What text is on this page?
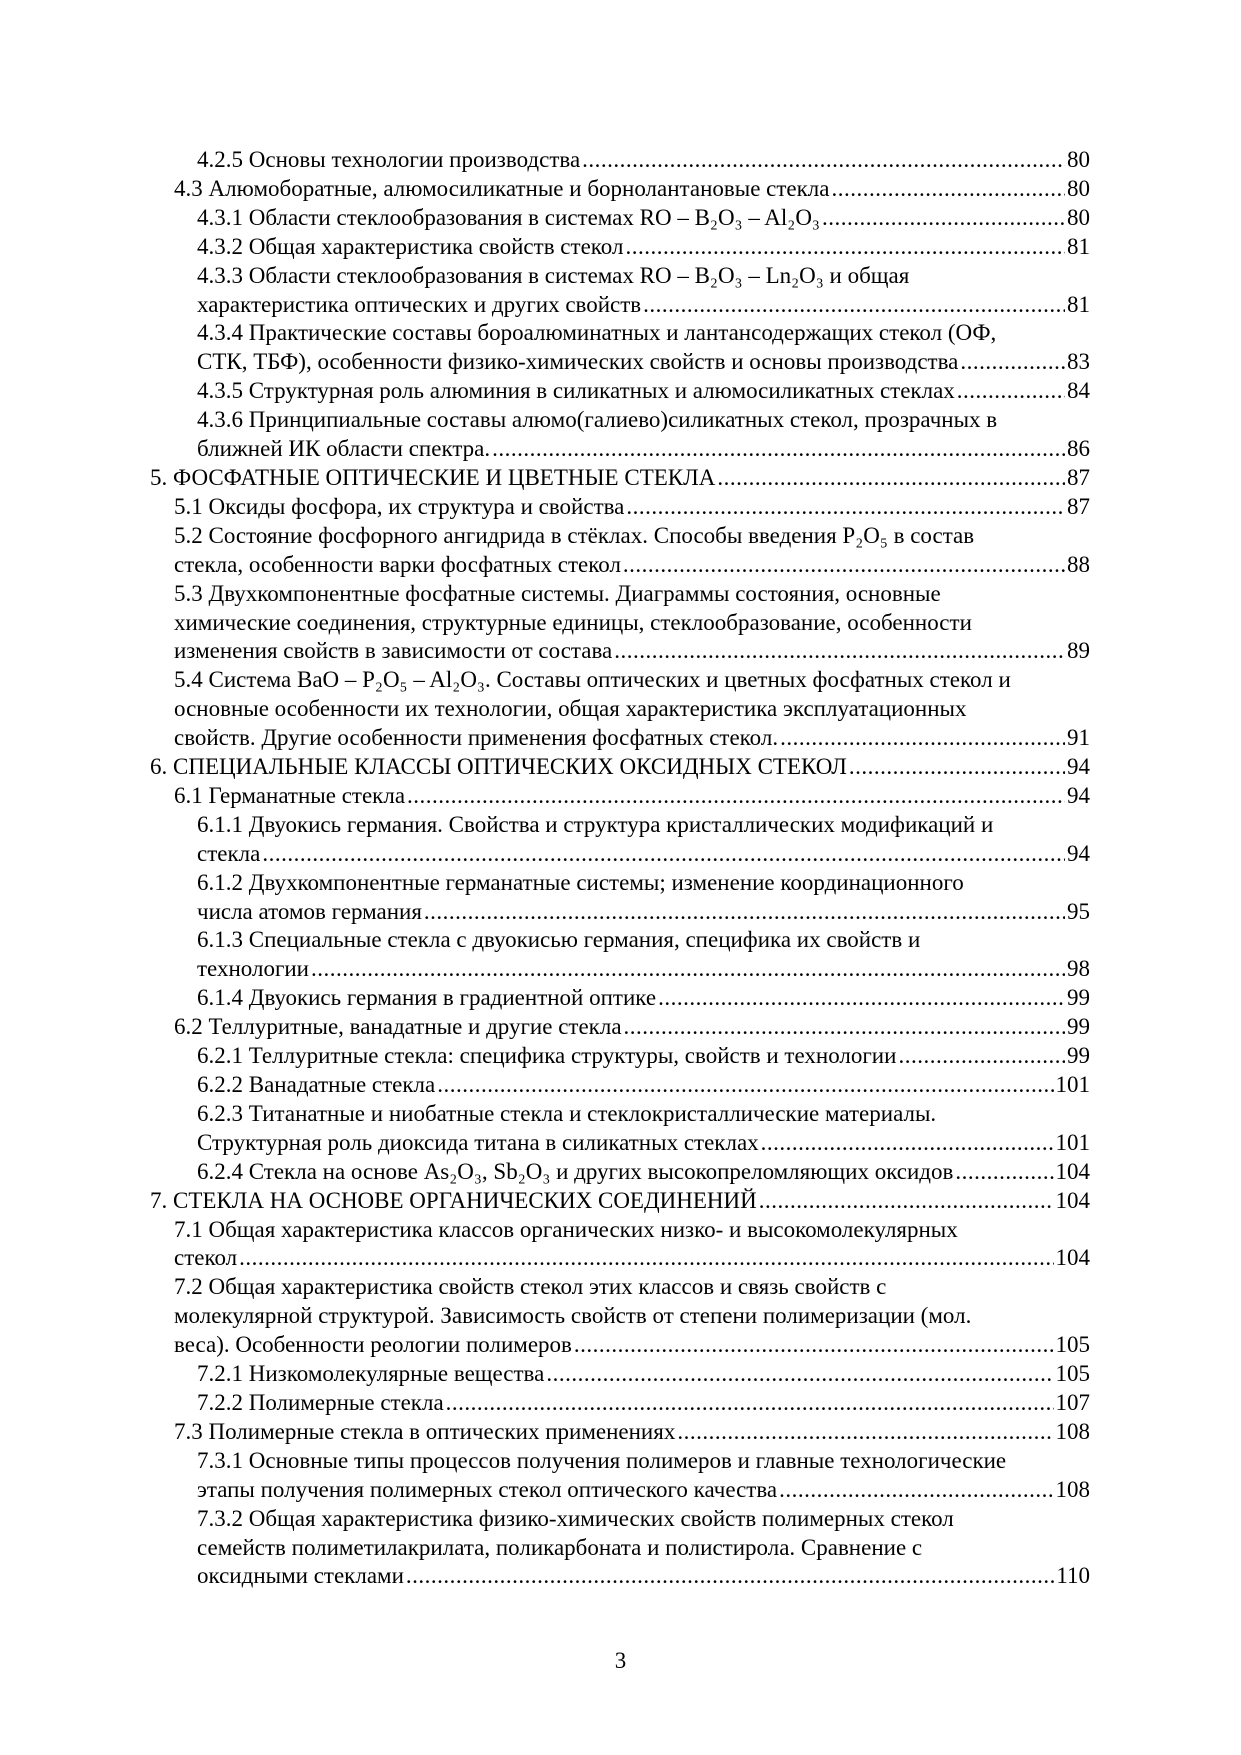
4.2.5 Основы технологии производства .....	80
4.3 Алюмоборатные, алюмосиликатные и борнолантановые стекла .....	80
4.3.1 Области стеклообразования в системах RO – B₂O₃ – Al₂O₃ .....	80
4.3.2 Общая характеристика свойств стекол .....	81
4.3.3 Области стеклообразования в системах RO – B₂O₃ – Ln₂O₃ и общая
характеристика оптических и других свойств .....	81
4.3.4 Практические составы бороалюминатных и лантансодержащих стекол (ОФ,
СТК, ТБФ), особенности физико-химических свойств и основы производства .....	83
4.3.5 Структурная роль алюминия в силикатных и алюмосиликатных стеклах .....	84
4.3.6 Принципиальные составы алюмо(галиево)силикатных стекол, прозрачных в
ближней ИК области спектра. .....	86
5. ФОСФАТНЫЕ ОПТИЧЕСКИЕ И ЦВЕТНЫЕ СТЕКЛА .....	87
5.1 Оксиды фосфора, их структура и свойства .....	87
5.2 Состояние фосфорного ангидрида в стёклах. Способы введения P₂O₅ в состав
стекла, особенности варки фосфатных стекол .....	88
5.3 Двухкомпонентные фосфатные системы. Диаграммы состояния, основные
химические соединения, структурные единицы, стеклообразование, особенности
изменения свойств в зависимости от состава .....	89
5.4 Система BaO – P₂O₅ – Al₂O₃. Составы оптических и цветных фосфатных стекол и
основные особенности их технологии, общая характеристика эксплуатационных
свойств. Другие особенности применения фосфатных стекол. .....	91
6. СПЕЦИАЛЬНЫЕ КЛАССЫ ОПТИЧЕСКИХ ОКСИДНЫХ СТЕКОЛ .....	94
6.1 Германатные стекла .....	94
6.1.1 Двуокись германия. Свойства и структура кристаллических модификаций и
стекла .....	94
6.1.2 Двухкомпонентные германатные системы; изменение координационного
числа атомов германия .....	95
6.1.3 Специальные стекла с двуокисью германия, специфика их свойств и
технологии .....	98
6.1.4 Двуокись германия в градиентной оптике .....	99
6.2 Теллуритные, ванадатные и другие стекла .....	99
6.2.1 Теллуритные стекла: специфика структуры, свойств и технологии .....	99
6.2.2 Ванадатные стекла .....	101
6.2.3 Титанатные и ниобатные стекла и стеклокристаллические материалы.
Структурная роль диоксида титана в силикатных стеклах .....	101
6.2.4 Стекла на основе As₂O₃, Sb₂O₃ и других высокопреломляющих оксидов .....	104
7. СТЕКЛА НА ОСНОВЕ ОРГАНИЧЕСКИХ СОЕДИНЕНИЙ .....	104
7.1 Общая характеристика классов органических низко- и высокомолекулярных
стекол .....	104
7.2 Общая характеристика свойств стекол этих классов и связь свойств с
молекулярной структурой. Зависимость свойств от степени полимеризации (мол.
веса). Особенности реологии полимеров .....	105
7.2.1 Низкомолекулярные вещества .....	105
7.2.2 Полимерные стекла .....	107
7.3 Полимерные стекла в оптических применениях .....	108
7.3.1 Основные типы процессов получения полимеров и главные технологические
этапы получения полимерных стекол оптического качества .....	108
7.3.2 Общая характеристика физико-химических свойств полимерных стекол
семейств полиметилакрилата, поликарбоната и полистирола. Сравнение с
оксидными стеклами .....	110
3
